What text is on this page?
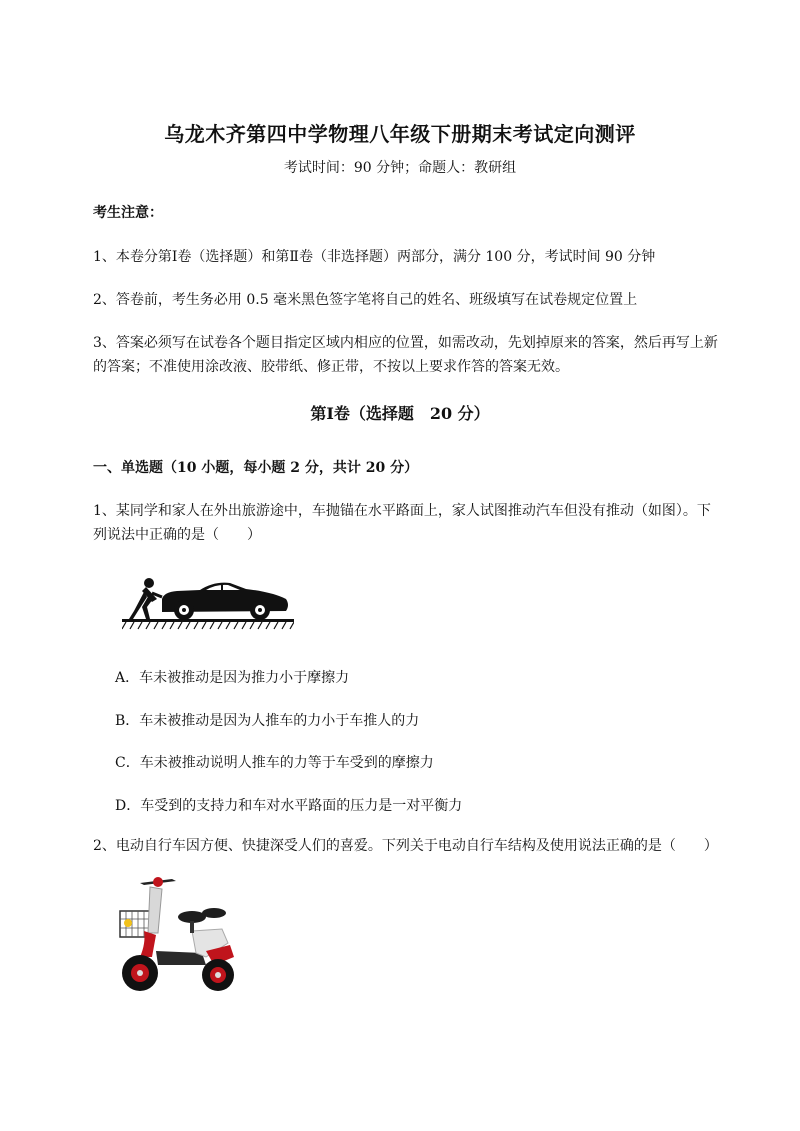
乌龙木齐第四中学物理八年级下册期末考试定向测评
考试时间：90 分钟；命题人：教研组
考生注意：
1、本卷分第Ⅰ卷（选择题）和第Ⅱ卷（非选择题）两部分，满分 100 分，考试时间 90 分钟
2、答卷前，考生务必用 0.5 毫米黑色签字笔将自己的姓名、班级填写在试卷规定位置上
3、答案必须写在试卷各个题目指定区域内相应的位置，如需改动，先划掉原来的答案，然后再写上新
的答案；不准使用涂改液、胶带纸、修正带，不按以上要求作答的答案无效。
第Ⅰ卷（选择题　20 分）
一、单选题（10 小题，每小题 2 分，共计 20 分）
1、某同学和家人在外出旅游途中，车抛锚在水平路面上，家人试图推动汽车但没有推动（如图）。下
列说法中正确的是（　　）
A．车未被推动是因为推力小于摩擦力
B．车未被推动是因为人推车的力小于车推人的力
C．车未被推动说明人推车的力等于车受到的摩擦力
D．车受到的支持力和车对水平路面的压力是一对平衡力
2、电动自行车因方便、快捷深受人们的喜爱。下列关于电动自行车结构及使用说法正确的是（　　）
